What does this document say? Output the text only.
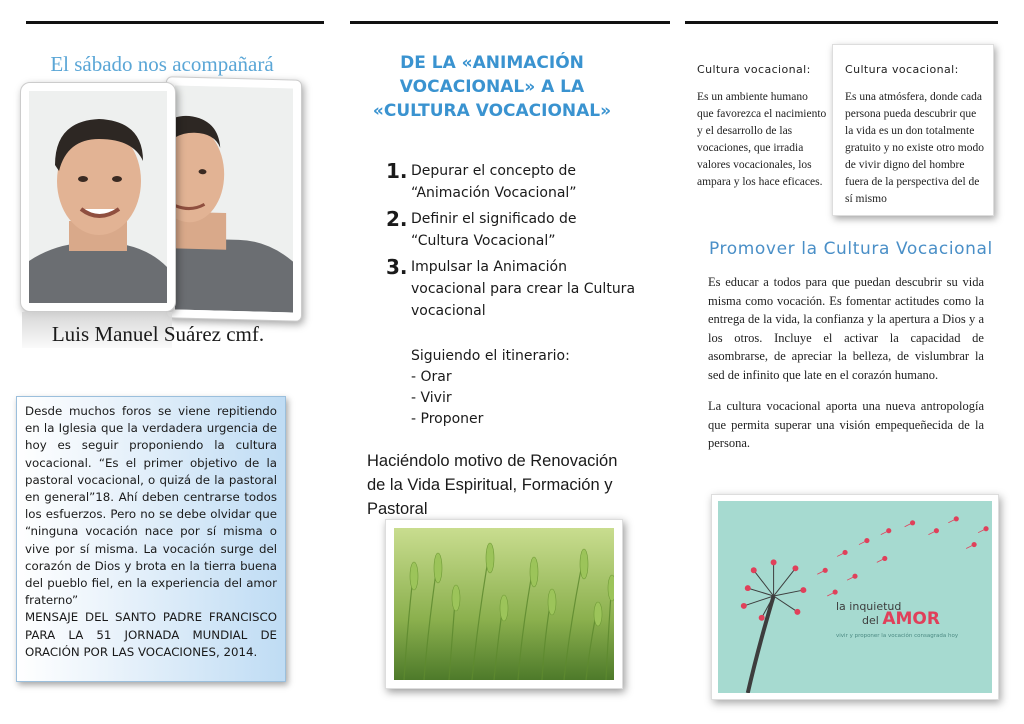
El sábado nos acompañará
Luis Manuel Suárez cmf.
Desde muchos foros se viene repitiendo en la Iglesia que la verdadera urgencia de hoy es seguir proponiendo la cultura vocacional. “Es el primer objetivo de la pastoral vocacional, o quizá de la pastoral en general”18. Ahí deben centrarse todos los esfuerzos. Pero no se debe olvidar que “ninguna vocación nace por sí misma o vive por sí misma. La vocación surge del corazón de Dios y brota en la tierra buena del pueblo fiel, en la experiencia del amor fraterno”
MENSAJE DEL SANTO PADRE FRANCISCO PARA LA 51 JORNADA MUNDIAL DE ORACIÓN POR LAS VOCACIONES, 2014.
DE LA «ANIMACIÓN
VOCACIONAL» A LA
«CULTURA VOCACIONAL»
1. Depurar el concepto de “Animación Vocacional”
2. Definir el significado de “Cultura Vocacional”
3. Impulsar la Animación vocacional para crear la Cultura vocacional
Siguiendo el itinerario:
- Orar
- Vivir
- Proponer
Haciéndolo motivo de Renovación de la Vida Espiritual, Formación y Pastoral
Cultura vocacional:
Es un ambiente humano que favorezca el nacimiento y el desarrollo de las vocaciones, que irradia valores vocacionales, los ampara y los hace eficaces.
Cultura vocacional:
Es una atmósfera, donde cada persona pueda descubrir que la vida es un don totalmente gratuito y no existe otro modo de vivir digno del hombre fuera de la perspectiva del de sí mismo
Promover la Cultura Vocacional

Es educar a todos para que puedan descubrir su vida misma como vocación. Es fomentar actitudes como la entrega de la vida, la confianza y la apertura a Dios y a los otros. Incluye el activar la capacidad de asombrarse, de apreciar la belleza, de vislumbrar la sed de infinito que late en el corazón humano.

La cultura vocacional aporta una nueva antropología que permita superar una visión empequeñecida de la persona.

la inquietud
del AMOR
vivir y proponer la vocación consagrada hoy
